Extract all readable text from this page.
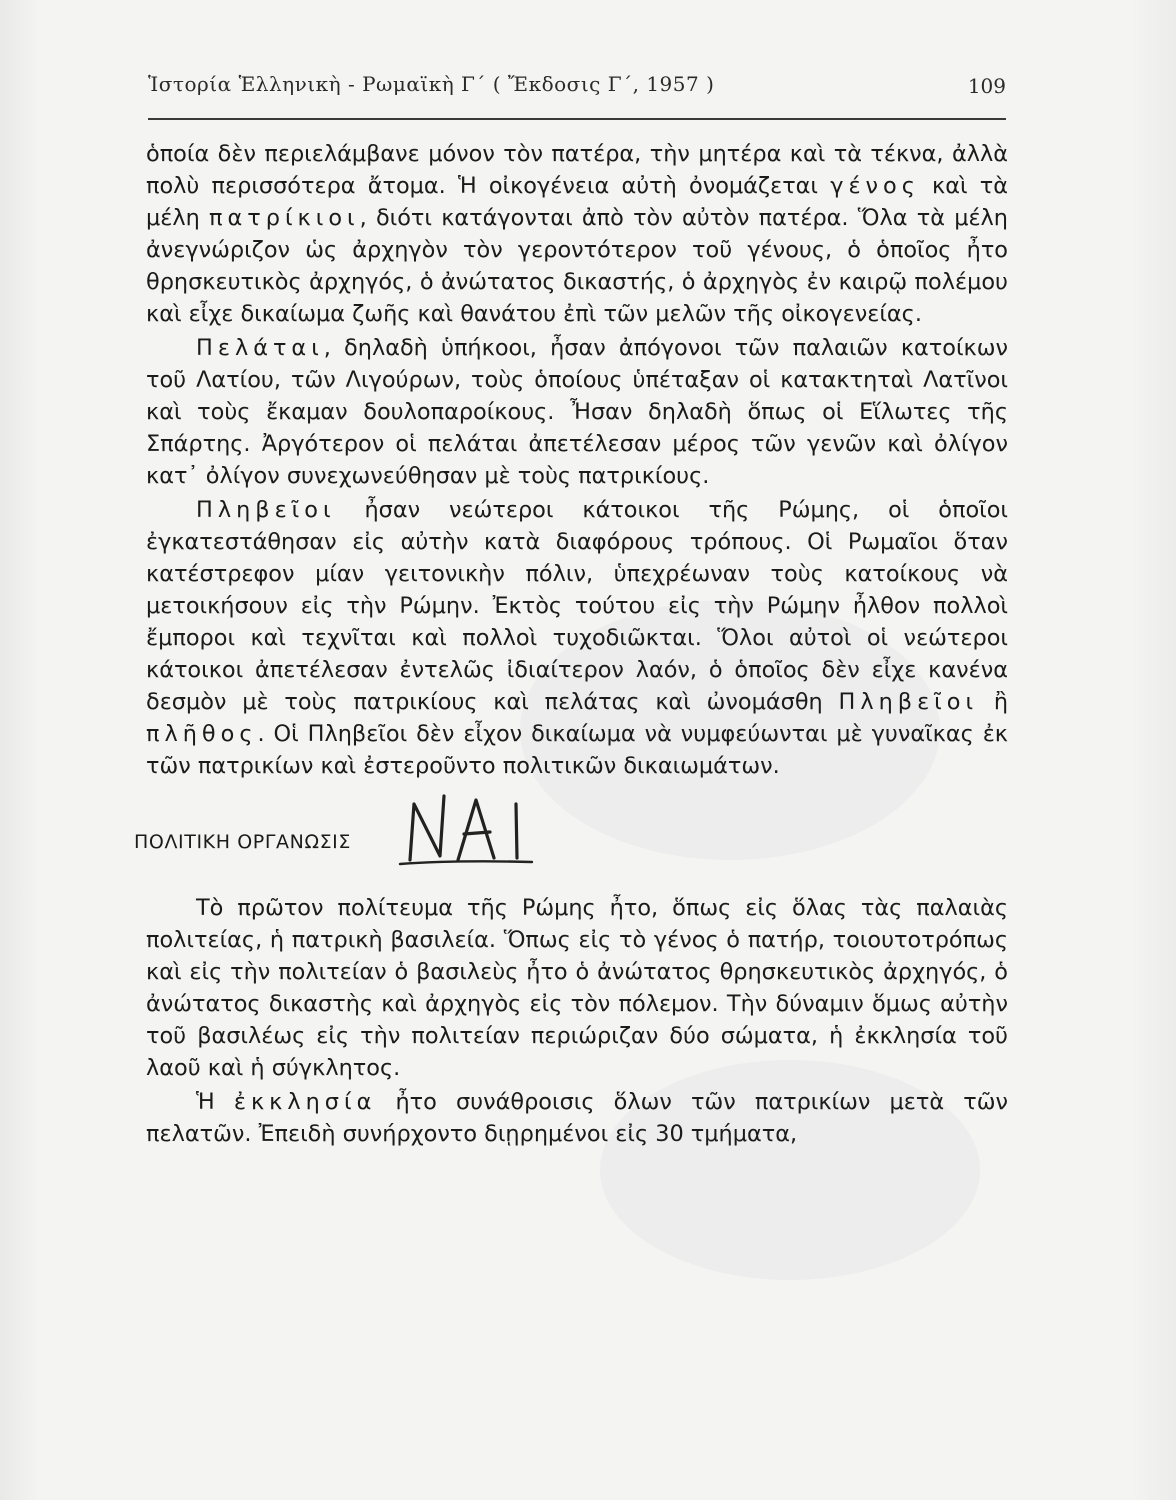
Ἱστορία Ἑλληνικὴ - Ρωμαϊκὴ Γ΄ ( Ἔκδοσις Γ΄, 1957 )	109

ὁποία δὲν περιελάμβανε μόνον τὸν πατέρα, τὴν μητέρα καὶ τὰ τέκνα, ἀλλὰ πολὺ περισσότερα ἄτομα. Ἡ οἰκογένεια αὐτὴ ὀνομάζεται γένος καὶ τὰ μέλη πατρίκιοι, διότι κατάγονται ἀπὸ τὸν αὐτὸν πατέρα. Ὅλα τὰ μέλη ἀνεγνώριζον ὡς ἀρχηγὸν τὸν γεροντότερον τοῦ γένους, ὁ ὁποῖος ἦτο θρησκευτικὸς ἀρχηγός, ὁ ἀνώτατος δικαστής, ὁ ἀρχηγὸς ἐν καιρῷ πολέμου καὶ εἶχε δικαίωμα ζωῆς καὶ θανάτου ἐπὶ τῶν μελῶν τῆς οἰκογενείας.

Πελάται, δηλαδὴ ὑπήκοοι, ἦσαν ἀπόγονοι τῶν παλαιῶν κατοίκων τοῦ Λατίου, τῶν Λιγούρων, τοὺς ὁποίους ὑπέταξαν οἱ κατακτηταὶ Λατῖνοι καὶ τοὺς ἔκαμαν δουλοπαροίκους. Ἦσαν δηλαδὴ ὅπως οἱ Εἵλωτες τῆς Σπάρτης. Ἀργότερον οἱ πελάται ἀπετέλεσαν μέρος τῶν γενῶν καὶ ὀλίγον κατ᾽ ὀλίγον συνεχωνεύθησαν μὲ τοὺς πατρικίους.

Πληβεῖοι ἦσαν νεώτεροι κάτοικοι τῆς Ρώμης, οἱ ὁποῖοι ἐγκατεστάθησαν εἰς αὐτὴν κατὰ διαφόρους τρόπους. Οἱ Ρωμαῖοι ὅταν κατέστρεφον μίαν γειτονικὴν πόλιν, ὑπεχρέωναν τοὺς κατοίκους νὰ μετοικήσουν εἰς τὴν Ρώμην. Ἐκτὸς τούτου εἰς τὴν Ρώμην ἦλθον πολλοὶ ἔμποροι καὶ τεχνῖται καὶ πολλοὶ τυχοδιῶκται. Ὅλοι αὐτοὶ οἱ νεώτεροι κάτοικοι ἀπετέλεσαν ἐντελῶς ἰδιαίτερον λαόν, ὁ ὁποῖος δὲν εἶχε κανένα δεσμὸν μὲ τοὺς πατρικίους καὶ πελάτας καὶ ὠνομάσθη Πληβεῖοι ἢ πλῆθος. Οἱ Πληβεῖοι δὲν εἶχον δικαίωμα νὰ νυμφεύωνται μὲ γυναῖκας ἐκ τῶν πατρικίων καὶ ἐστεροῦντο πολιτικῶν δικαιωμάτων.

ΠΟΛΙΤΙΚΗ ΟΡΓΑΝΩΣΙΣ

Τὸ πρῶτον πολίτευμα τῆς Ρώμης ἦτο, ὅπως εἰς ὅλας τὰς παλαιὰς πολιτείας, ἡ πατρικὴ βασιλεία. Ὅπως εἰς τὸ γένος ὁ πατήρ, τοιουτοτρόπως καὶ εἰς τὴν πολιτείαν ὁ βασιλεὺς ἦτο ὁ ἀνώτατος θρησκευτικὸς ἀρχηγός, ὁ ἀνώτατος δικαστὴς καὶ ἀρχηγὸς εἰς τὸν πόλεμον. Τὴν δύναμιν ὅμως αὐτὴν τοῦ βασιλέως εἰς τὴν πολιτείαν περιώριζαν δύο σώματα, ἡ ἐκκλησία τοῦ λαοῦ καὶ ἡ σύγκλητος.

Ἡ ἐκκλησία ἦτο συνάθροισις ὅλων τῶν πατρικίων μετὰ τῶν πελατῶν. Ἐπειδὴ συνήρχοντο διῃρημένοι εἰς 30 τμήματα,
